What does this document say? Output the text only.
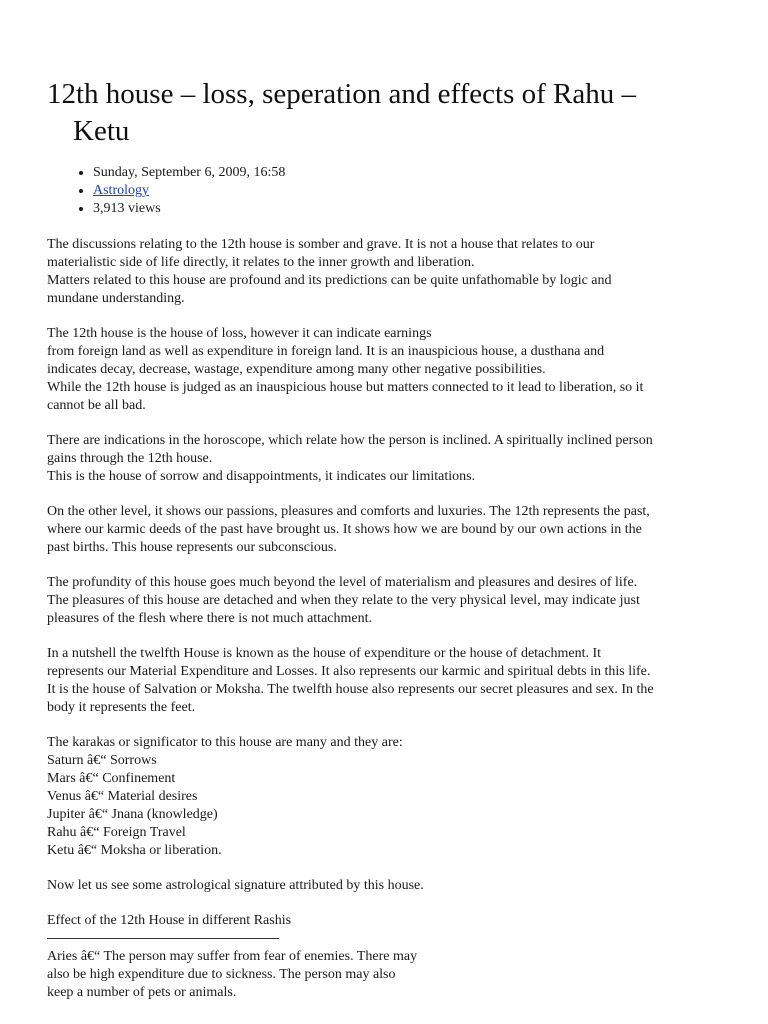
12th house – loss, seperation and effects of Rahu –
Ketu
• Sunday, September 6, 2009, 16:58
• Astrology
• 3,913 views

The discussions relating to the 12th house is somber and grave. It is not a house that relates to our
materialistic side of life directly, it relates to the inner growth and liberation.
Matters related to this house are profound and its predictions can be quite unfathomable by logic and
mundane understanding.

The 12th house is the house of loss, however it can indicate earnings
from foreign land as well as expenditure in foreign land. It is an inauspicious house, a dusthana and
indicates decay, decrease, wastage, expenditure among many other negative possibilities.
While the 12th house is judged as an inauspicious house but matters connected to it lead to liberation, so it
cannot be all bad.

There are indications in the horoscope, which relate how the person is inclined. A spiritually inclined person
gains through the 12th house.
This is the house of sorrow and disappointments, it indicates our limitations.

On the other level, it shows our passions, pleasures and comforts and luxuries. The 12th represents the past,
where our karmic deeds of the past have brought us. It shows how we are bound by our own actions in the
past births. This house represents our subconscious.

The profundity of this house goes much beyond the level of materialism and pleasures and desires of life.
The pleasures of this house are detached and when they relate to the very physical level, may indicate just
pleasures of the flesh where there is not much attachment.

In a nutshell the twelfth House is known as the house of expenditure or the house of detachment. It
represents our Material Expenditure and Losses. It also represents our karmic and spiritual debts in this life.
It is the house of Salvation or Moksha. The twelfth house also represents our secret pleasures and sex. In the
body it represents the feet.

The karakas or significator to this house are many and they are:
Saturn â€“ Sorrows
Mars â€“ Confinement
Venus â€“ Material desires
Jupiter â€“ Jnana (knowledge)
Rahu â€“ Foreign Travel
Ketu â€“ Moksha or liberation.

Now let us see some astrological signature attributed by this house.

Effect of the 12th House in different Rashis

Aries â€“ The person may suffer from fear of enemies. There may
also be high expenditure due to sickness. The person may also
keep a number of pets or animals.
